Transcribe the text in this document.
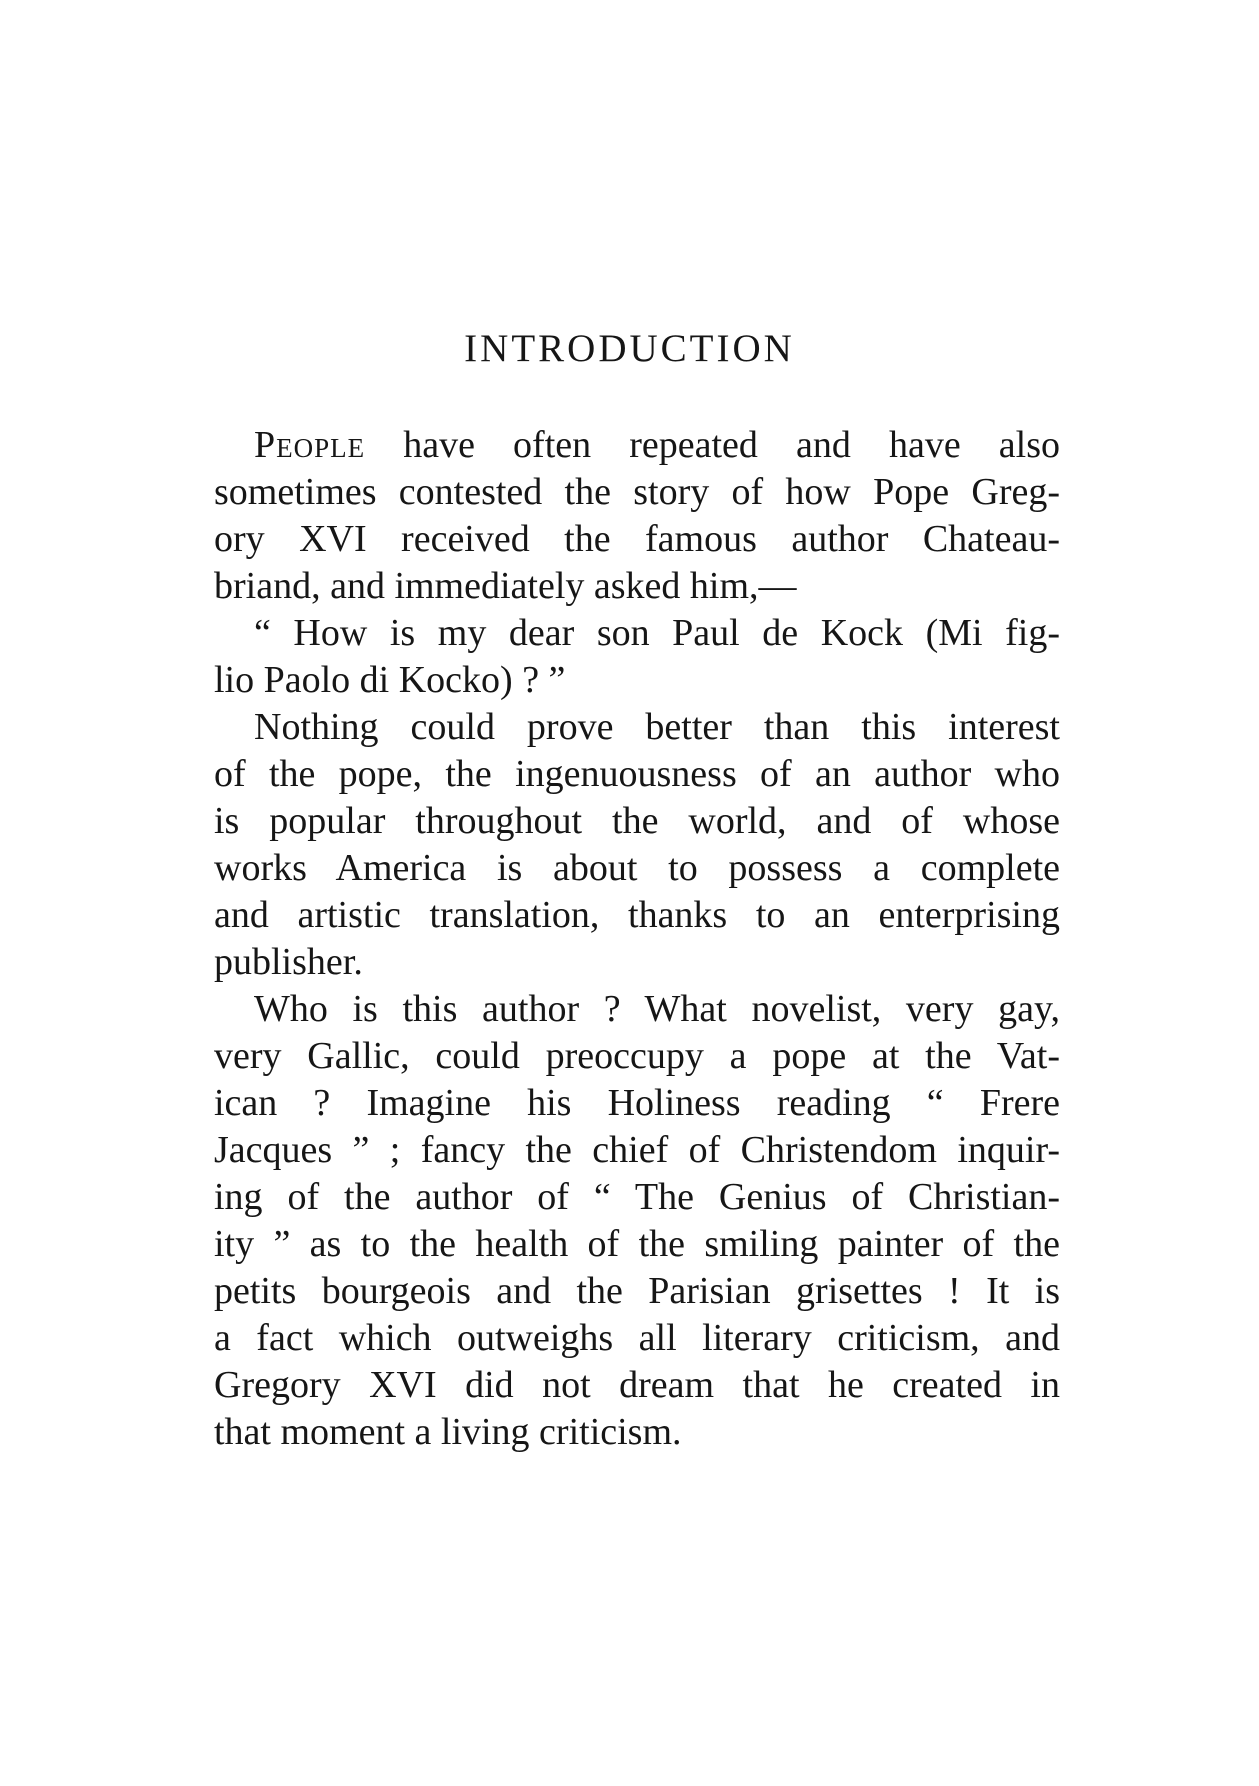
INTRODUCTION
People have often repeated and have also
sometimes contested the story of how Pope Greg-
ory XVI received the famous author Chateau-
briand, and immediately asked him,—
“ How is my dear son Paul de Kock (Mi fig-
lio Paolo di Kocko) ? ”
Nothing could prove better than this interest
of the pope, the ingenuousness of an author who
is popular throughout the world, and of whose
works America is about to possess a complete
and artistic translation, thanks to an enterprising
publisher.
Who is this author ? What novelist, very gay,
very Gallic, could preoccupy a pope at the Vat-
ican ? Imagine his Holiness reading “ Frere
Jacques ” ; fancy the chief of Christendom inquir-
ing of the author of “ The Genius of Christian-
ity ” as to the health of the smiling painter of the
petits bourgeois and the Parisian grisettes ! It is
a fact which outweighs all literary criticism, and
Gregory XVI did not dream that he created in
that moment a living criticism.
